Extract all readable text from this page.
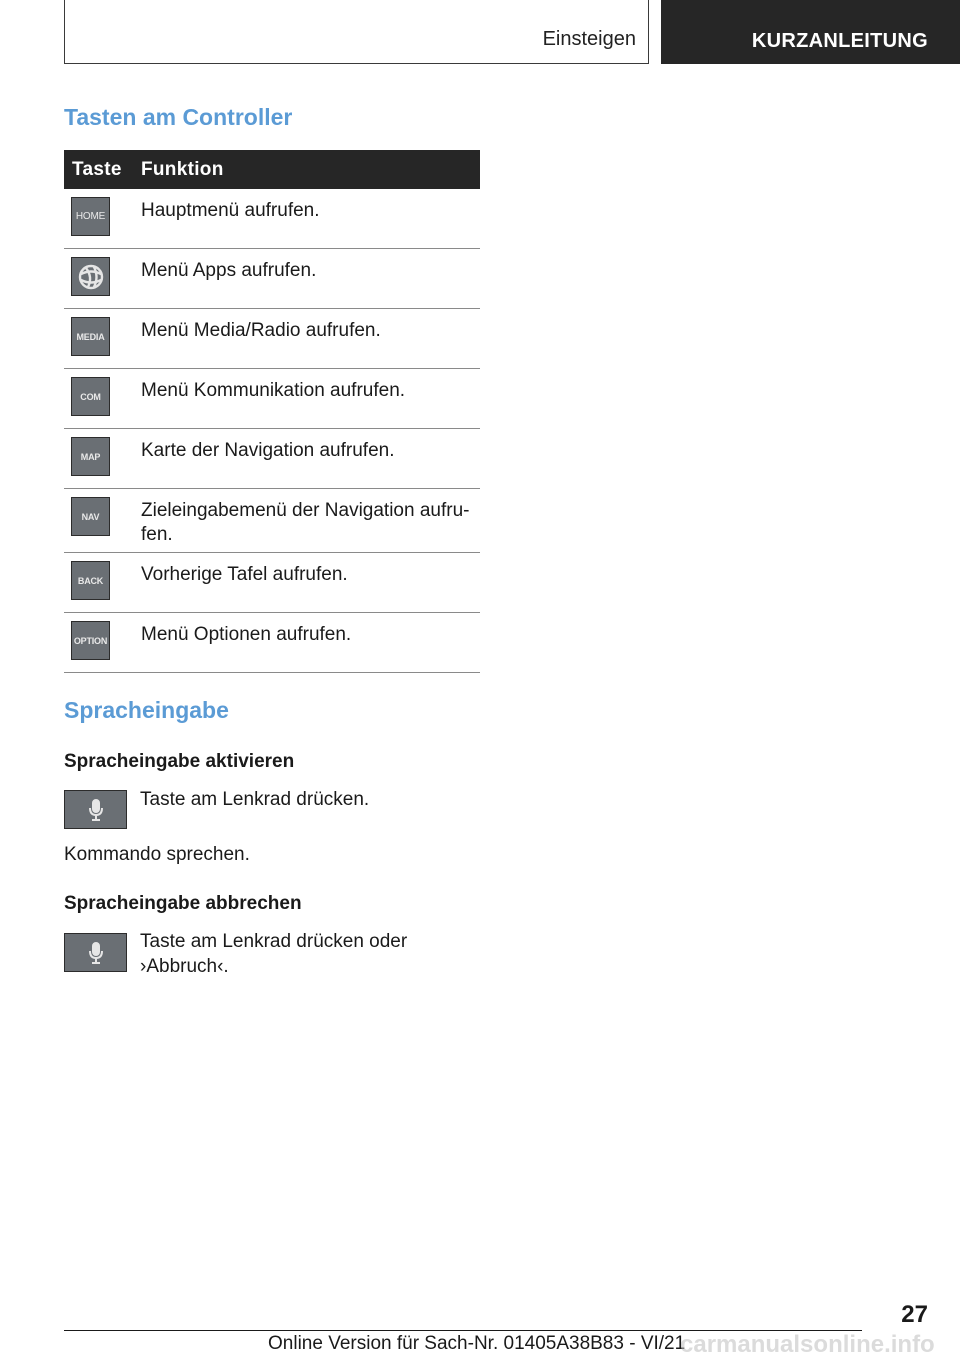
Einsteigen	KURZANLEITUNG
Tasten am Controller
Taste	Funktion
HOME Hauptmenü aufrufen.
Menü Apps aufrufen.
MEDIA Menü Media/Radio aufrufen.
COM	Menü Kommunikation aufrufen.
MAP	Karte der Navigation aufrufen.
NAV	Zieleingabemenü der Navigation aufru‐fen.
BACK	Vorherige Tafel aufrufen.
OPTION Menü Optionen aufrufen.
Spracheingabe
Spracheingabe aktivieren
Taste am Lenkrad drücken.
Kommando sprechen.
Spracheingabe abbrechen
Taste am Lenkrad drücken oder ›Abbruch‹.
27
Online Version für Sach-Nr. 01405A38B83 - VI/21
carmanualsonline.info
